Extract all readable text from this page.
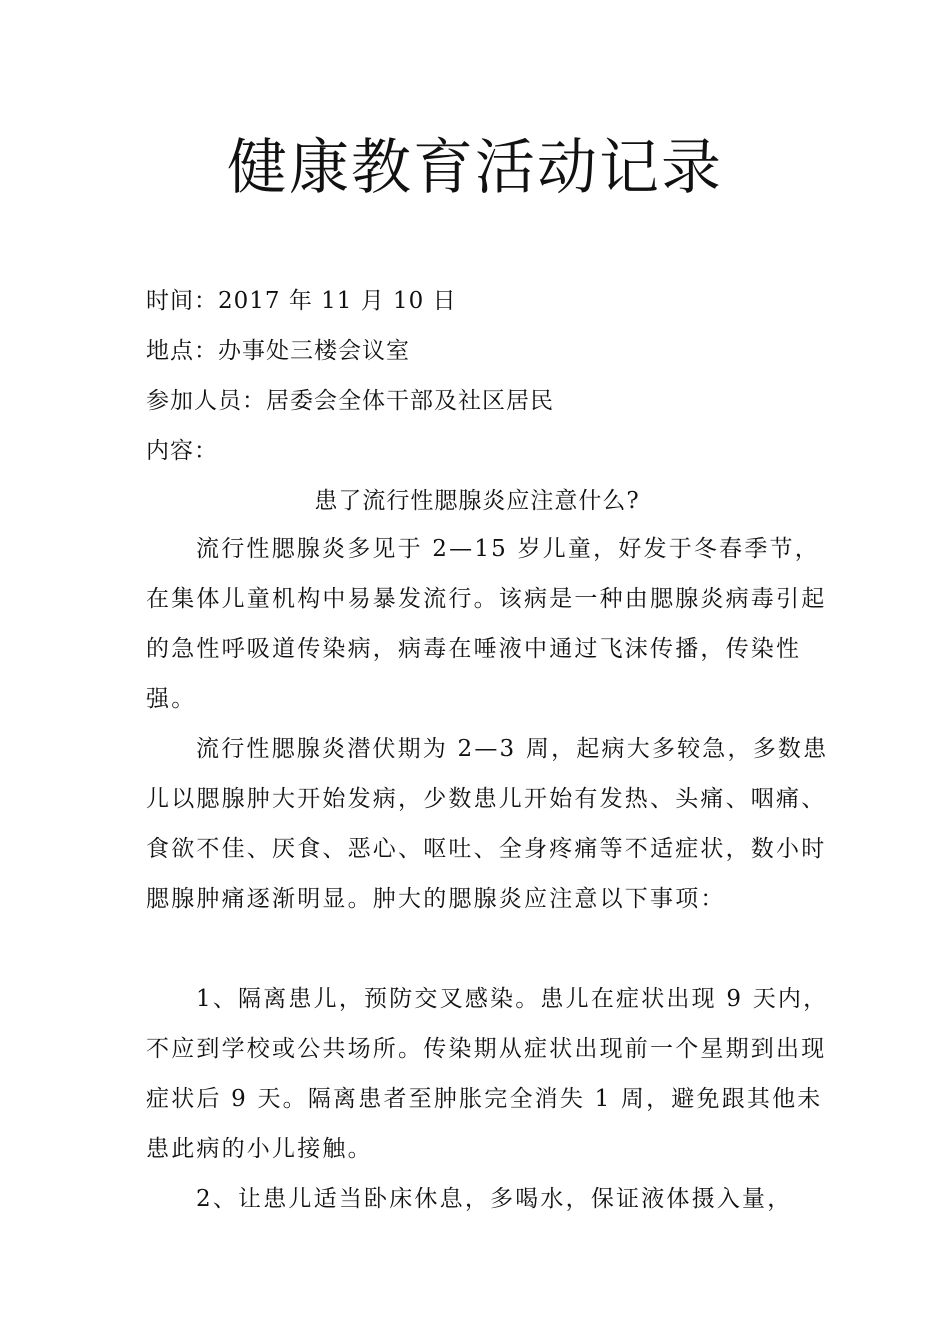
健康教育活动记录

时间：2017 年 11 月 10 日

地点：办事处三楼会议室

参加人员：居委会全体干部及社区居民

内容：

患了流行性腮腺炎应注意什么?

流行性腮腺炎多见于 2—15 岁儿童，好发于冬春季节，在集体儿童机构中易暴发流行。该病是一种由腮腺炎病毒引起的急性呼吸道传染病，病毒在唾液中通过飞沫传播，传染性强。

流行性腮腺炎潜伏期为 2—3 周，起病大多较急，多数患儿以腮腺肿大开始发病，少数患儿开始有发热、头痛、咽痛、食欲不佳、厌食、恶心、呕吐、全身疼痛等不适症状，数小时腮腺肿痛逐渐明显。肿大的腮腺炎应注意以下事项：

1、隔离患儿，预防交叉感染。患儿在症状出现 9 天内，不应到学校或公共场所。传染期从症状出现前一个星期到出现症状后 9 天。隔离患者至肿胀完全消失 1 周，避免跟其他未患此病的小儿接触。

2、让患儿适当卧床休息，多喝水，保证液体摄入量，
